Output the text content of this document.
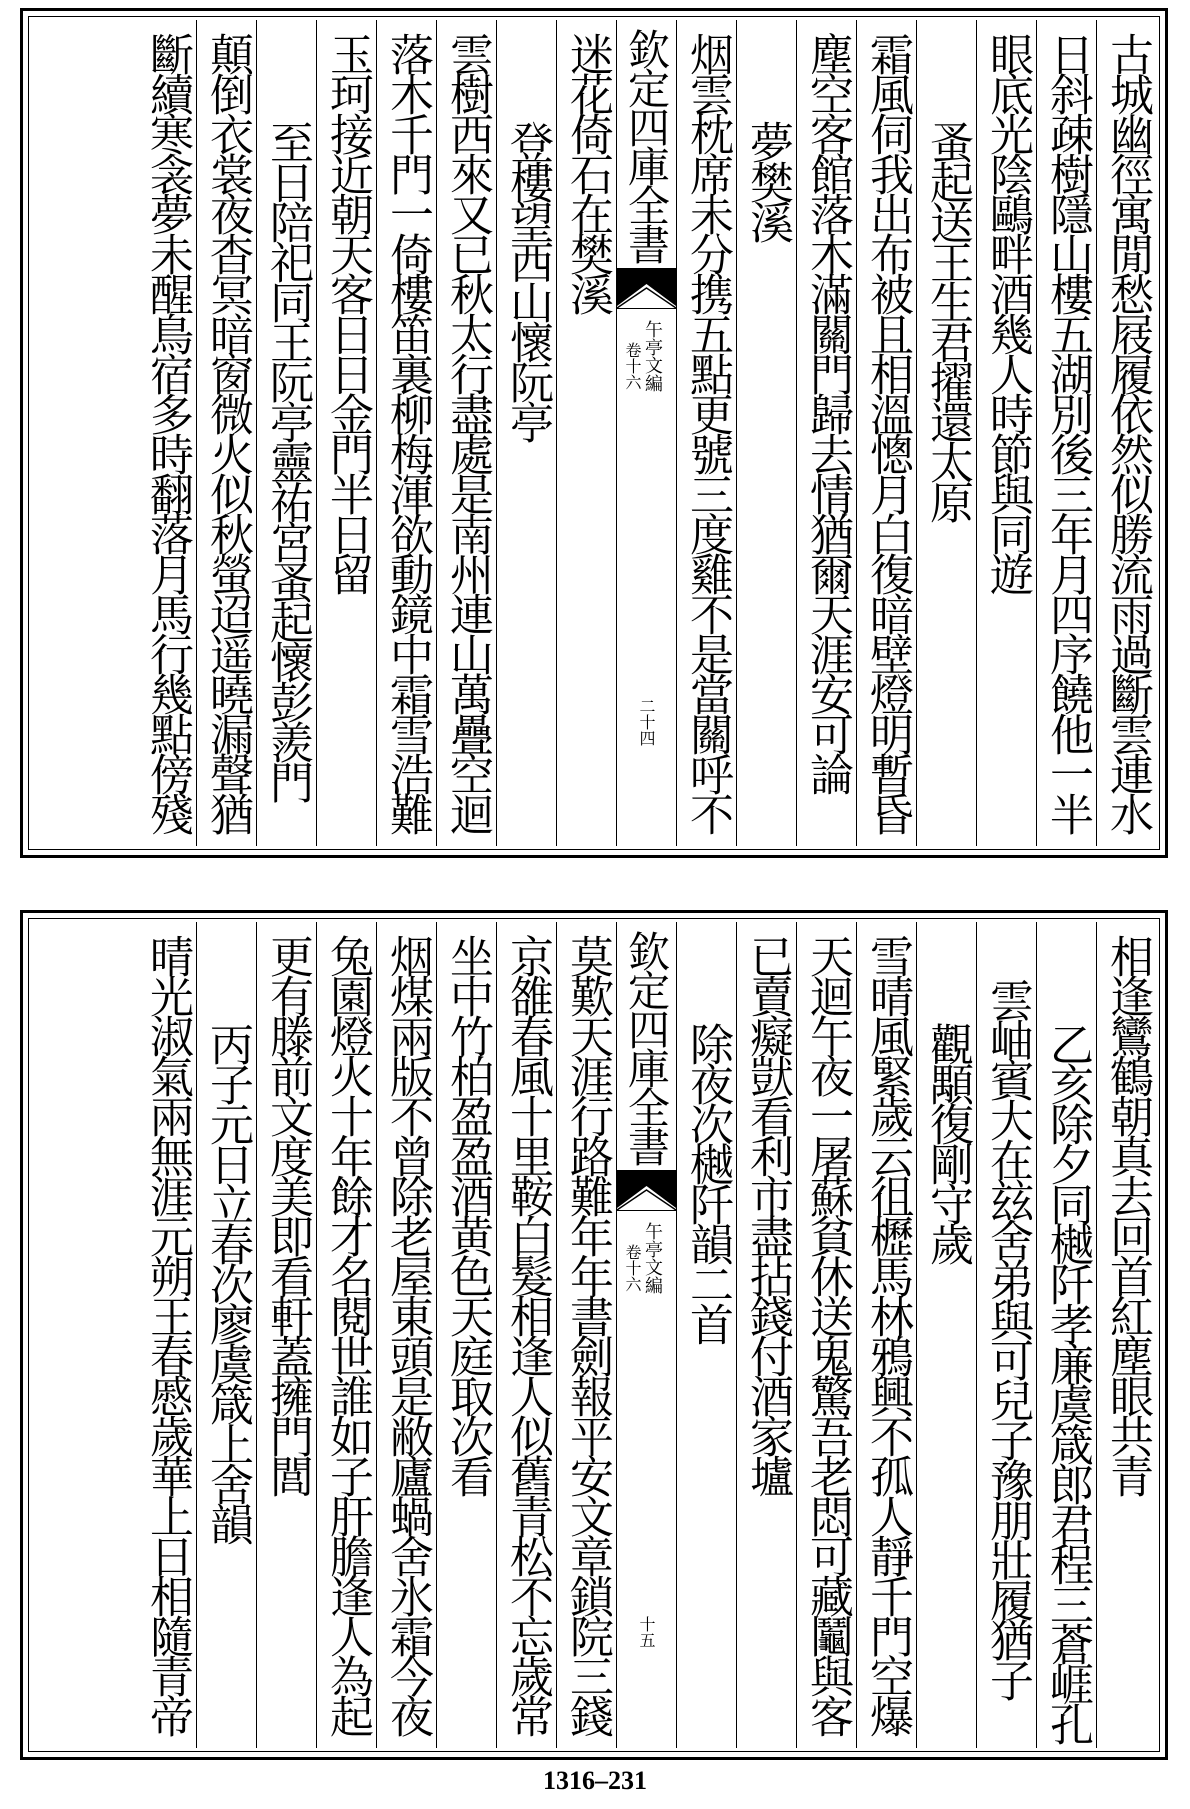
古城幽徑寓閒愁屐履依然似勝流雨過斷雲連水
日斜疎樹隱山樓五湖別後三年月四序饒他一半
眼底光陰鷗畔酒幾人時節與同遊
蚤起送王生君擢還太原
霜風伺我出布被且相溫憁月白復暗壁燈明暫昏
塵空客館落木滿關門歸去情猶爾天涯安可論
夢樊溪
烟雲枕席未分携五點更號三度雞不是當關呼不
欽定四庫全書
午亭文編
卷十六
二十四
迷花倚石在樊溪
登樓望西山懷阮亭
雲樹西來又已秋太行盡處是南州連山萬疊空迴
落木千門一倚樓笛裏柳梅渾欲動鏡中霜雪浩難
玉珂接近朝天客日日金門半日留
至日陪祀同王阮亭靈祐宮蚤起懷彭羨門
顛倒衣裳夜杳冥暗窗微火似秋螢迢遥曉漏聲猶
斷續寒衾夢未醒鳥宿多時翻落月馬行幾點傍殘
相逢鸞鶴朝真去回首紅塵眼共青
乙亥除夕同樾阡孝廉虞箴郎君程三蒼崕孔
雲岫賓大在玆舍弟與可兒子豫朋壯履猶子
觀顒復剛守歲
雪晴風緊歲云徂櫪馬林鴉興不孤人靜千門空爆
天迴午夜一屠蘇貧休送鬼驚吾老悶可藏鬮與客
已賣癡獃看利市盡拈錢付酒家壚
除夜次樾阡韻二首
欽定四庫全書
午亭文編
卷十六
十五
莫歎天涯行路難年年書劍報平安文章鎖院三錢
京雒春風十里鞍白髮相逢人似舊青松不忘歲常
坐中竹柏盈盈酒黄色天庭取次看
烟煤兩版不曾除老屋東頭是敝廬蝸舍氷霜今夜
兔園燈火十年餘才名閱世誰如子肝膽逢人為起
更有滕前文度美即看軒蓋擁門閭
丙子元日立春次廖虞箴上舍韻
晴光淑氣兩無涯元朔王春慼歲華上日相隨青帝
1316–231
